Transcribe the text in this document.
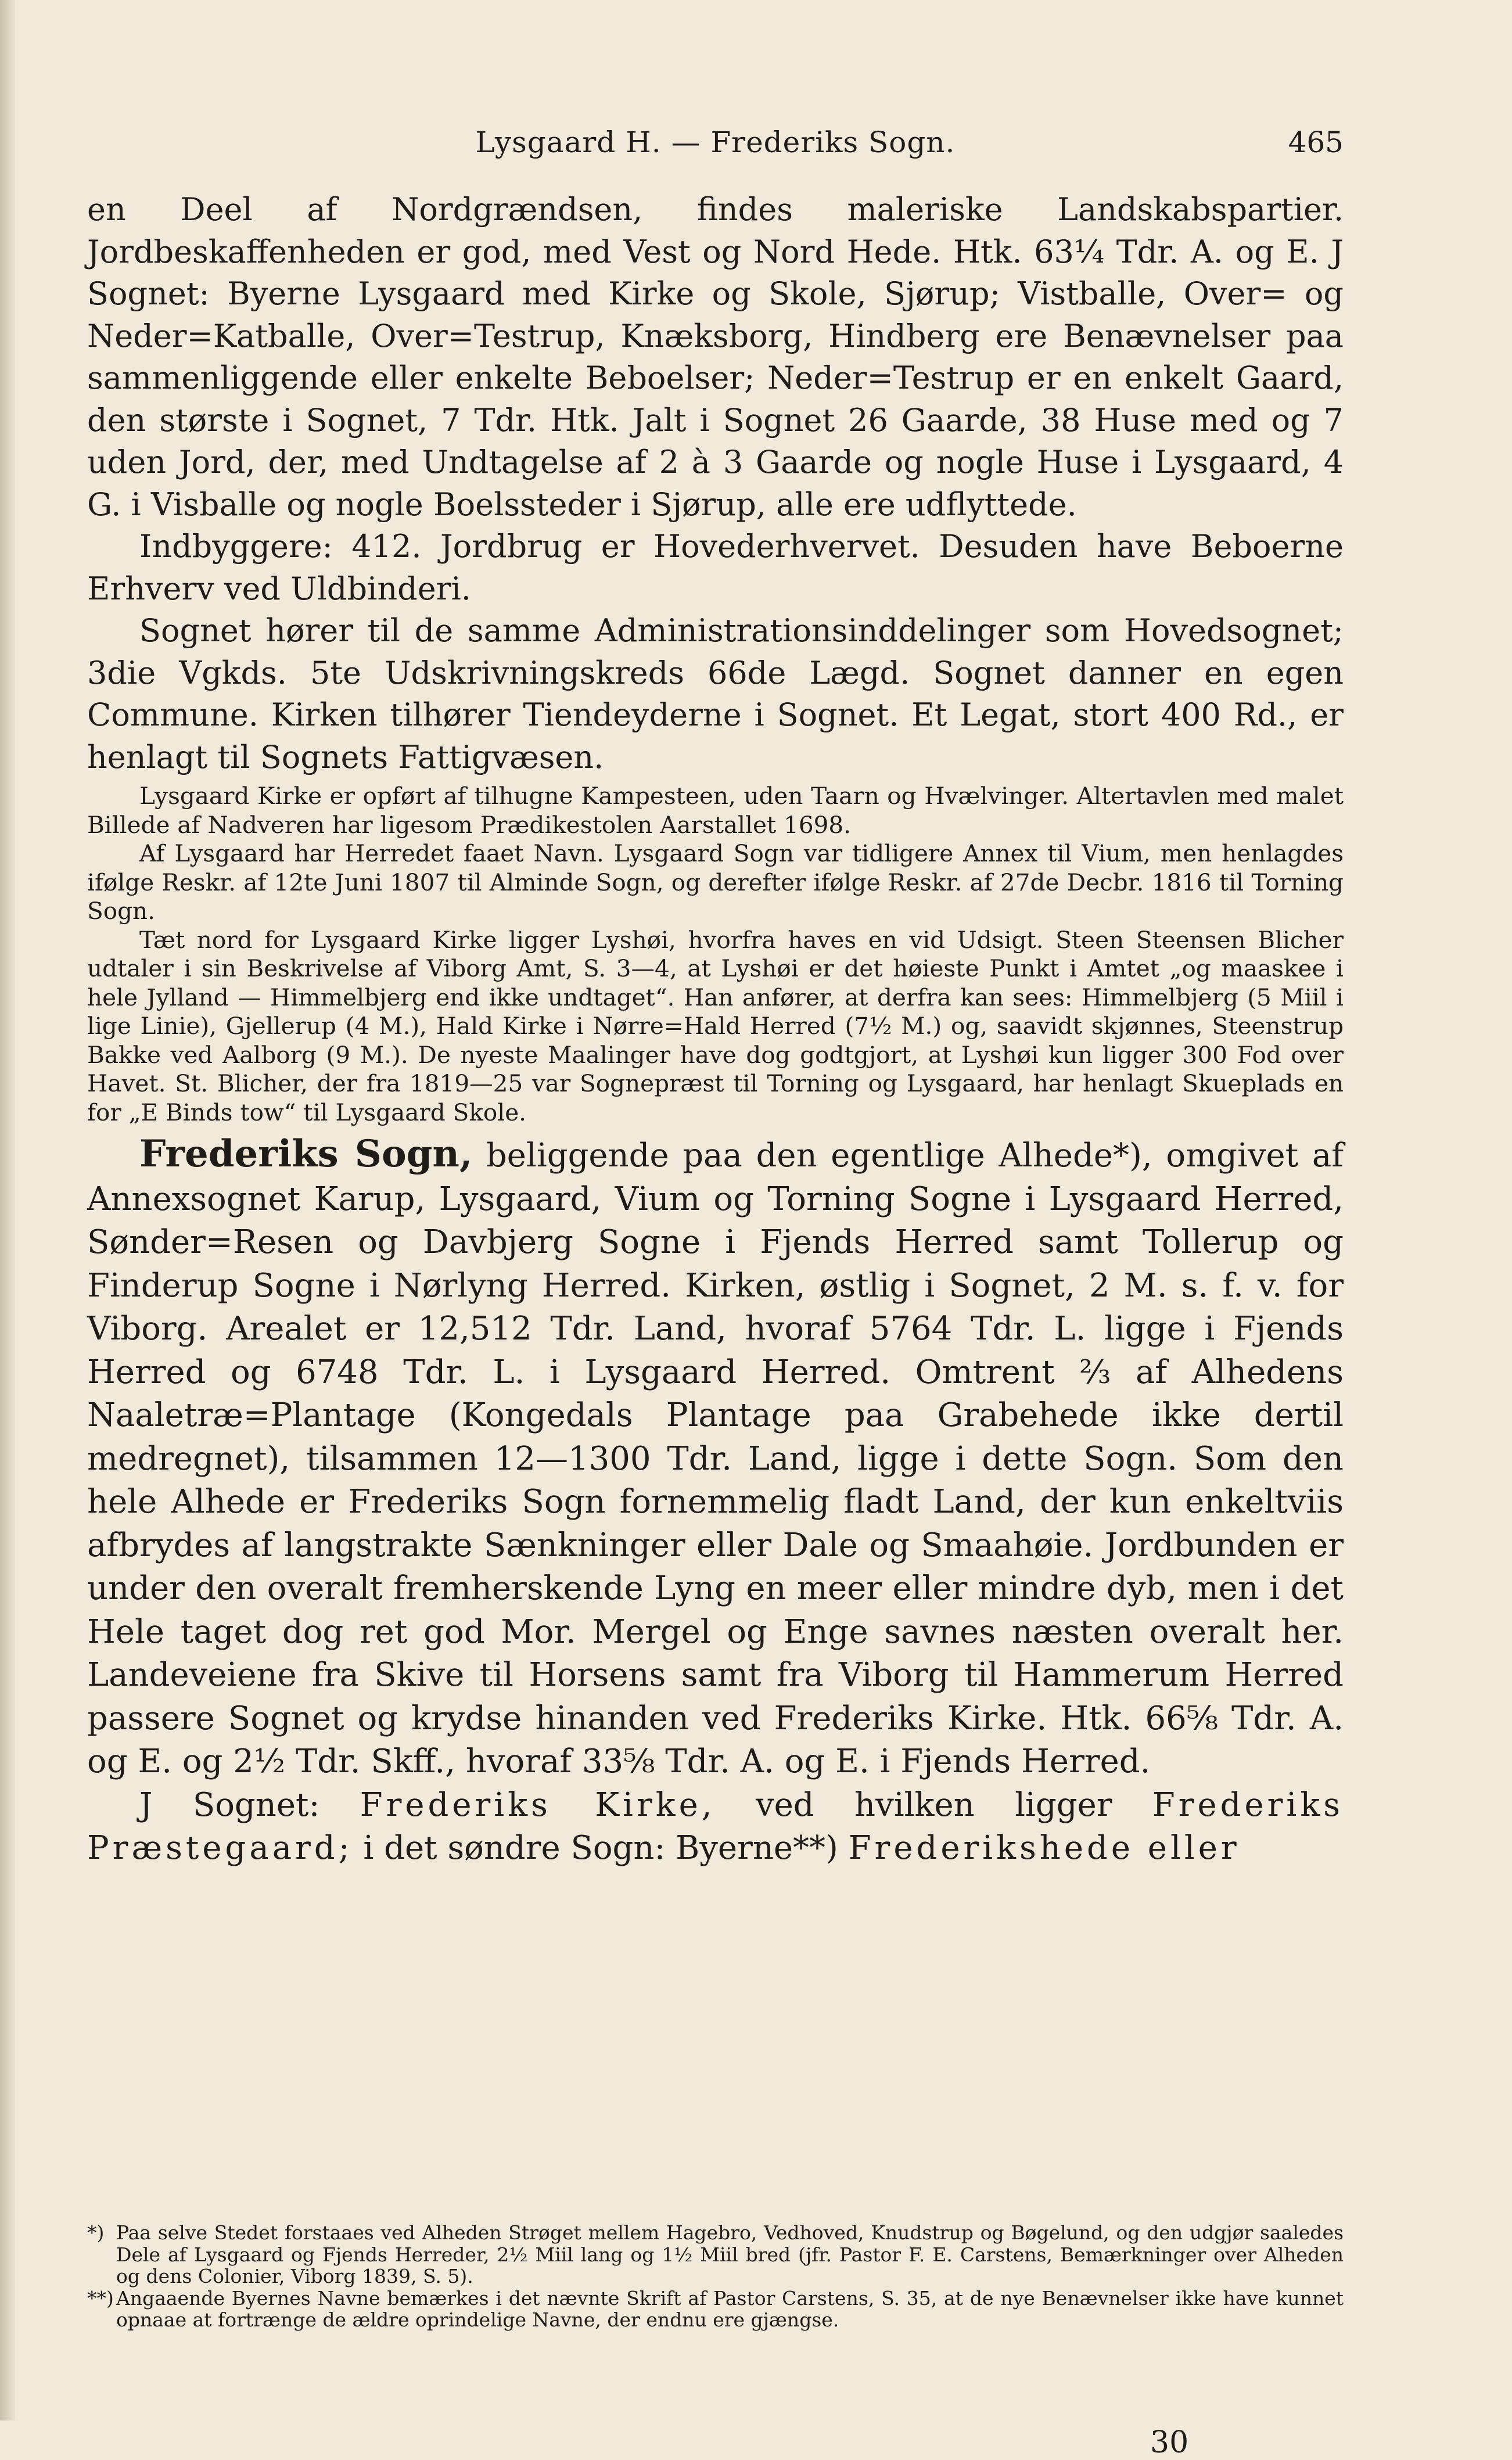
Lysgaard H. — Frederiks Sogn.	465

en Deel af Nordgrændsen, findes maleriske Landskabspartier. Jordbeskaffenheden er god, med Vest og Nord Hede. Htk. 63¼ Tdr. A. og E. J Sognet: Byerne Lysgaard med Kirke og Skole, Sjørup; Vistballe, Over= og Neder=Katballe, Over=Testrup, Knæksborg, Hindberg ere Benævnelser paa sammenliggende eller enkelte Beboelser; Neder=Testrup er en enkelt Gaard, den største i Sognet, 7 Tdr. Htk. Jalt i Sognet 26 Gaarde, 38 Huse med og 7 uden Jord, der, med Undtagelse af 2 à 3 Gaarde og nogle Huse i Lysgaard, 4 G. i Visballe og nogle Boelssteder i Sjørup, alle ere udflyttede.

Indbyggere: 412. Jordbrug er Hovederhvervet. Desuden have Beboerne Erhverv ved Uldbinderi.

Sognet hører til de samme Administrationsinddelinger som Hovedsognet; 3die Vgkds. 5te Udskrivningskreds 66de Lægd. Sognet danner en egen Commune. Kirken tilhører Tiendeyderne i Sognet. Et Legat, stort 400 Rd., er henlagt til Sognets Fattigvæsen.

Lysgaard Kirke er opført af tilhugne Kampesteen, uden Taarn og Hvælvinger. Altertavlen med malet Billede af Nadveren har ligesom Prædikestolen Aarstallet 1698.

Af Lysgaard har Herredet faaet Navn. Lysgaard Sogn var tidligere Annex til Vium, men henlagdes ifølge Reskr. af 12te Juni 1807 til Alminde Sogn, og derefter ifølge Reskr. af 27de Decbr. 1816 til Torning Sogn.

Tæt nord for Lysgaard Kirke ligger Lyshøi, hvorfra haves en vid Udsigt. Steen Steensen Blicher udtaler i sin Beskrivelse af Viborg Amt, S. 3—4, at Lyshøi er det høieste Punkt i Amtet „og maaskee i hele Jylland — Himmelbjerg end ikke undtaget“. Han anfører, at derfra kan sees: Himmelbjerg (5 Miil i lige Linie), Gjellerup (4 M.), Hald Kirke i Nørre=Hald Herred (7½ M.) og, saavidt skjønnes, Steenstrup Bakke ved Aalborg (9 M.). De nyeste Maalinger have dog godtgjort, at Lyshøi kun ligger 300 Fod over Havet. St. Blicher, der fra 1819—25 var Sognepræst til Torning og Lysgaard, har henlagt Skueplads en for „E Binds tow“ til Lysgaard Skole.

Frederiks Sogn, beliggende paa den egentlige Alhede*), omgivet af Annexsognet Karup, Lysgaard, Vium og Torning Sogne i Lysgaard Herred, Sønder=Resen og Davbjerg Sogne i Fjends Herred samt Tollerup og Finderup Sogne i Nørlyng Herred. Kirken, østlig i Sognet, 2 M. s. f. v. for Viborg. Arealet er 12,512 Tdr. Land, hvoraf 5764 Tdr. L. ligge i Fjends Herred og 6748 Tdr. L. i Lysgaard Herred. Omtrent ⅔ af Alhedens Naaletræ=Plantage (Kongedals Plantage paa Grabehede ikke dertil medregnet), tilsammen 12—1300 Tdr. Land, ligge i dette Sogn. Som den hele Alhede er Frederiks Sogn fornemmelig fladt Land, der kun enkeltviis afbrydes af langstrakte Sænkninger eller Dale og Smaahøie. Jordbunden er under den overalt fremherskende Lyng en meer eller mindre dyb, men i det Hele taget dog ret god Mor. Mergel og Enge savnes næsten overalt her. Landeveiene fra Skive til Horsens samt fra Viborg til Hammerum Herred passere Sognet og krydse hinanden ved Frederiks Kirke. Htk. 66⅝ Tdr. A. og E. og 2½ Tdr. Skff., hvoraf 33⅝ Tdr. A. og E. i Fjends Herred.

J Sognet: Frederiks Kirke, ved hvilken ligger Frederiks Præstegaard; i det søndre Sogn: Byerne**) Frederikshede eller

*) Paa selve Stedet forstaaes ved Alheden Strøget mellem Hagebro, Vedhoved, Knudstrup og Bøgelund, og den udgjør saaledes Dele af Lysgaard og Fjends Herreder, 2½ Miil lang og 1½ Miil bred (jfr. Pastor F. E. Carstens, Bemærkninger over Alheden og dens Colonier, Viborg 1839, S. 5).

**) Angaaende Byernes Navne bemærkes i det nævnte Skrift af Pastor Carstens, S. 35, at de nye Benævnelser ikke have kunnet opnaae at fortrænge de ældre oprindelige Navne, der endnu ere gjængse.

30
